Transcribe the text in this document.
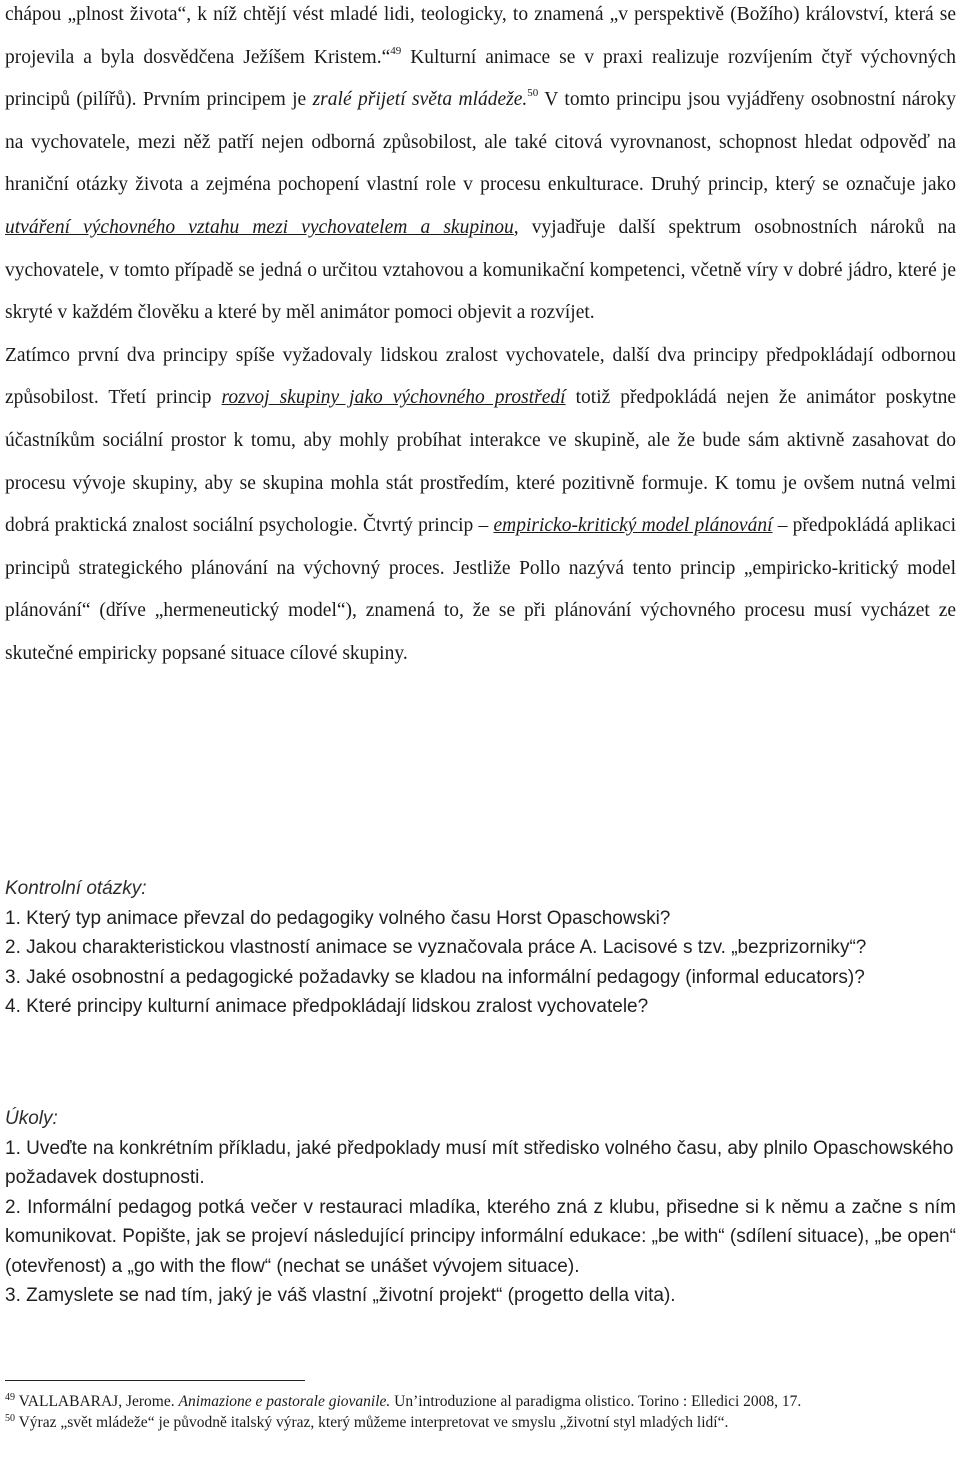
chápou „plnost života“, k níž chtějí vést mladé lidi, teologicky, to znamená „v perspektivě (Božího) království, která se projevila a byla dosvědčena Ježíšem Kristem.“$^{49}$ Kulturní animace se v praxi realizuje rozvíjením čtyř výchovných principů (pilířů). Prvním principem je zralé přijetí světa mládeže.$^{50}$ V tomto principu jsou vyjádřeny osobnostní nároky na vychovatele, mezi něž patří nejen odborná způsobilost, ale také citová vyrovnanost, schopnost hledat odpověď na hraniční otázky života a zejména pochopení vlastní role v procesu enkulturace. Druhý princip, který se označuje jako utváření výchovného vztahu mezi vychovatelem a skupinou, vyjadřuje další spektrum osobnostních nároků na vychovatele, v tomto případě se jedná o určitou vztahovou a komunikační kompetenci, včetně víry v dobré jádro, které je skryté v každém člověku a které by měl animátor pomoci objevit a rozvíjet.

Zatímco první dva principy spíše vyžadovaly lidskou zralost vychovatele, další dva principy předpokládají odbornou způsobilost. Třetí princip rozvoj skupiny jako výchovného prostředí totiž předpokládá nejen že animátor poskytne účastníkům sociální prostor k tomu, aby mohly probíhat interakce ve skupině, ale že bude sám aktivně zasahovat do procesu vývoje skupiny, aby se skupina mohla stát prostředím, které pozitivně formuje. K tomu je ovšem nutná velmi dobrá praktická znalost sociální psychologie. Čtvrtý princip – empiricko-kritický model plánování – předpokládá aplikaci principů strategického plánování na výchovný proces. Jestliže Pollo nazývá tento princip „empiricko-kritický model plánování“ (dříve „hermeneutický model“), znamená to, že se při plánování výchovného procesu musí vycházet ze skutečné empiricky popsané situace cílové skupiny.

Kontrolní otázky:

1. Který typ animace převzal do pedagogiky volného času Horst Opaschowski?

2. Jakou charakteristickou vlastností animace se vyznačovala práce A. Lacisové s tzv. „bezprizorniky“?

3. Jaké osobnostní a pedagogické požadavky se kladou na informální pedagogy (informal educators)?

4. Které principy kulturní animace předpokládají lidskou zralost vychovatele?

Úkoly:

1. Uveďte na konkrétním příkladu, jaké předpoklady musí mít středisko volného času, aby plnilo Opaschowského požadavek dostupnosti.

2. Informální pedagog potká večer v restauraci mladíka, kterého zná z klubu, přisedne si k němu a začne s ním komunikovat. Popište, jak se projeví následující principy informální edukace: „be with“ (sdílení situace), „be open“ (otevřenost) a „go with the flow“ (nechat se unášet vývojem situace).

3. Zamyslete se nad tím, jaký je váš vlastní „životní projekt“ (progetto della vita).

$^{49}$ VALLABARAJ, Jerome. Animazione e pastorale giovanile. Un’introduzione al paradigma olistico. Torino : Elledici 2008, 17.

$^{50}$ Výraz „svět mládeže“ je původně italský výraz, který můžeme interpretovat ve smyslu „životní styl mladých lidí“.
